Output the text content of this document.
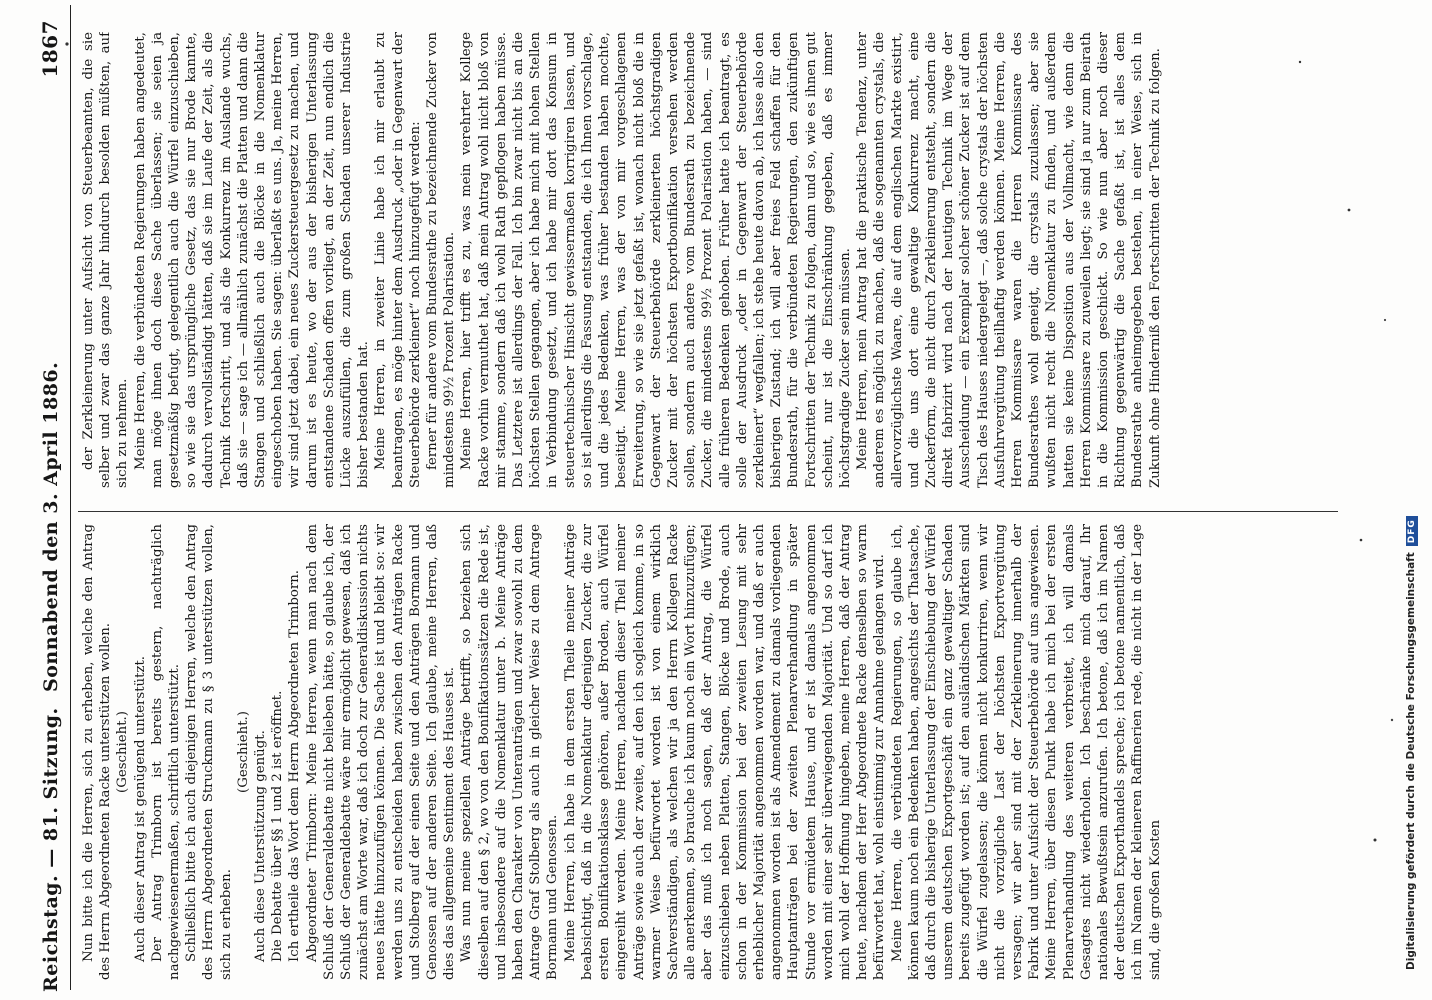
Reichstag. — 81. Sitzung.
Sonnabend den 3. April 1886.
1867

Nun bitte ich die Herren, sich zu erheben, welche den Antrag des Herrn Abgeordneten Racke unterstützen wollen. (Geschieht.) Auch dieser Antrag ist genügend unterstützt. Der Antrag Trimborn ist bereits gestern, nachträglich nachgewiesenermaßen, schriftlich unterstützt. Schließlich bitte ich auch diejenigen Herren, welche den Antrag des Herrn Abgeordneten Struckmann zu § 3 unterstützen wollen, sich zu erheben.

(Geschieht.) Auch diese Unterstützung genügt. Die Debatte über §§ 1 und 2 ist eröffnet. Ich ertheile das Wort dem Herrn Abgeordneten Trimborn. Abgeordneter Trimborn: Meine Herren, wenn man nach dem Schluß der Generaldebatte nicht belieben hätte, so glaube ich, der Schluß der Generaldebatte wäre mir ermöglicht gewesen, daß ich zunächst am Worte war, daß ich doch zur Generaldiskussion nichts neues hätte hinzuzufügen können. Die Sache ist und bleibt so: wir werden uns zu entscheiden haben zwischen den Anträgen Racke und Stolberg auf der einen Seite und den Anträgen Bormann und Genossen auf der anderen Seite. Ich glaube, meine Herren, daß dies das allgemeine Sentiment des Hauses ist. Was nun meine speziellen Anträge betrifft, so beziehen sich dieselben auf den § 2, wo von den Bonifikationssätzen die Rede ist, und insbesondere auf die Nomenklatur unter b. Meine Anträge haben den Charakter von Unteranträgen und zwar sowohl zu dem Antrage Graf Stolberg als auch in gleicher Weise zu dem Antrage Bormann und Genossen. Meine Herren, ich habe in dem ersten Theile meiner Anträge beabsichtigt, daß in die Nomenklatur derjenigen Zucker, die zur ersten Bonifikationsklasse gehören, außer Broden, auch Würfel eingereiht werden. Meine Herren, nachdem dieser Theil meiner Anträge sowie auch der zweite, auf den ich sogleich komme, in so warmer Weise befürwortet worden ist von einem wirklich Sachverständigen, als welchen wir ja den Herrn Kollegen Racke alle anerkennen, so brauche ich kaum noch ein Wort hinzuzufügen; aber das muß ich noch sagen, daß der Antrag, die Würfel einzuschieben neben Platten, Stangen, Blöcke und Brode, auch schon in der Kommission bei der zweiten Lesung mit sehr erheblicher Majorität angenommen worden war, und daß er auch angenommen worden ist als Amendement zu damals vorliegenden Hauptanträgen bei der zweiten Plenarverhandlung in später Stunde vor ermüdetem Hause, und er ist damals angenommen worden mit einer sehr überwiegenden Majorität. Und so darf ich mich wohl der Hoffnung hingeben, meine Herren, daß der Antrag heute, nachdem der Herr Abgeordnete Racke denselben so warm befürwortet hat, wohl einstimmig zur Annahme gelangen wird. Meine Herren, die verbündeten Regierungen, so glaube ich, können kaum noch ein Bedenken haben, angesichts der Thatsache, daß durch die bisherige Unterlassung der Einschiebung der Würfel unserem deutschen Exportgeschäft ein ganz gewaltiger Schaden bereits zugefügt worden ist; auf den ausländischen Märkten sind die Würfel zugelassen; die können nicht konkurriren, wenn wir nicht die vorzügliche Last der höchsten Exportvergütung versagen; wir aber sind mit der Zerkleinerung innerhalb der Fabrik und unter Aufsicht der Steuerbehörde auf uns angewiesen. Meine Herren, über diesen Punkt habe ich mich bei der ersten Plenarverhandlung des weiteren verbreitet, ich will damals Gesagtes nicht wiederholen. Ich beschränke mich darauf, Ihr nationales Bewußtsein anzurufen. Ich betone, daß ich im Namen der deutschen Exporthandels spreche; ich betone namentlich, daß ich im Namen der kleineren Raffinerien rede, die nicht in der Lage sind, die großen Kosten

der Zerkleinerung unter Aufsicht von Steuerbeamten, die sie selber und zwar das ganze Jahr hindurch besolden müßten, auf sich zu nehmen. Meine Herren, die verbündeten Regierungen haben angedeutet, man möge ihnen doch diese Sache überlassen; sie seien ja gesetzmäßig befugt, gelegentlich auch die Würfel einzuschieben, so wie sie das ursprüngliche Gesetz, das sie nur Brode kannte, dadurch vervollständigt hätten, daß sie im Laufe der Zeit, als die Technik fortschritt, und als die Konkurrenz im Auslande wuchs, daß sie — sage ich — allmählich zunächst die Platten und dann die Stangen und schließlich auch die Blöcke in die Nomenklatur eingeschoben haben. Sie sagen: überlaßt es uns. Ja, meine Herren, wir sind jetzt dabei, ein neues Zuckersteuergesetz zu machen, und darum ist es heute, wo der aus der bisherigen Unterlassung entstandene Schaden offen vorliegt, an der Zeit, nun endlich die Lücke auszufüllen, die zum großen Schaden unserer Industrie bisher bestanden hat. Meine Herren, in zweiter Linie habe ich mir erlaubt zu beantragen, es möge hinter dem Ausdruck „oder in Gegenwart der Steuerbehörde zerkleinert“ noch hinzugefügt werden: ferner für andere vom Bundesrathe zu bezeichnende Zucker von mindestens 99½ Prozent Polarisation. Meine Herren, hier trifft es zu, was mein verehrter Kollege Racke vorhin vermuthet hat, daß mein Antrag wohl nicht bloß von mir stamme, sondern daß ich wohl Rath gepflogen haben müsse. Das Letztere ist allerdings der Fall. Ich bin zwar nicht bis an die höchsten Stellen gegangen, aber ich habe mich mit hohen Stellen in Verbindung gesetzt, und ich habe mir dort das Konsum in steuertechnischer Hinsicht gewissermaßen korrigiren lassen, und so ist allerdings die Fassung entstanden, die ich Ihnen vorschlage, und die jedes Bedenken, was früher bestanden haben mochte, beseitigt. Meine Herren, was der von mir vorgeschlagenen Erweiterung, so wie sie jetzt gefaßt ist, wonach nicht bloß die in Gegenwart der Steuerbehörde zerkleinerten höchstgradigen Zucker mit der höchsten Exportbonifikation versehen werden sollen, sondern auch andere vom Bundesrath zu bezeichnende Zucker, die mindestens 99½ Prozent Polarisation haben, — sind alle früheren Bedenken gehoben. Früher hatte ich beantragt, es solle der Ausdruck „oder in Gegenwart der Steuerbehörde zerkleinert“ wegfallen; ich stehe heute davon ab, ich lasse also den bisherigen Zustand; ich will aber freies Feld schaffen für den Bundesrath, für die verbündeten Regierungen, den zukünftigen Fortschritten der Technik zu folgen, dann und so, wie es ihnen gut scheint, nur ist die Einschränkung gegeben, daß es immer höchstgradige Zucker sein müssen. Meine Herren, mein Antrag hat die praktische Tendenz, unter anderem es möglich zu machen, daß die sogenannten crystals, die allervorzüglichste Waare, die auf dem englischen Markte existirt, und die uns dort eine gewaltige Konkurrenz macht, eine Zuckerform, die nicht durch Zerkleinerung entsteht, sondern die direkt fabrizirt wird nach der heutigen Technik im Wege der Ausscheidung — ein Exemplar solcher schöner Zucker ist auf dem Tisch des Hauses niedergelegt —, daß solche crystals der höchsten Ausfuhrvergütung theilhaftig werden können. Meine Herren, die Herren Kommissare waren die Herren Kommissare des Bundesrathes wohl geneigt, die crystals zuzulassen; aber sie wußten nicht recht die Nomenklatur zu finden, und außerdem hatten sie keine Disposition aus der Vollmacht, wie denn die Herren Kommissare zu zuweilen liegt; sie sind ja nur zum Beirath in die Kommission geschickt. So wie nun aber noch dieser Richtung gegenwärtig die Sache gefaßt ist, ist alles dem Bundesrathe anheimgegeben bestehen, in einer Weise, sich in Zukunft ohne Hinderniß den Fortschritten der Technik zu folgen.

Digitalisierung gefördert durch die Deutsche ForschungsgemeinschaftDFG
